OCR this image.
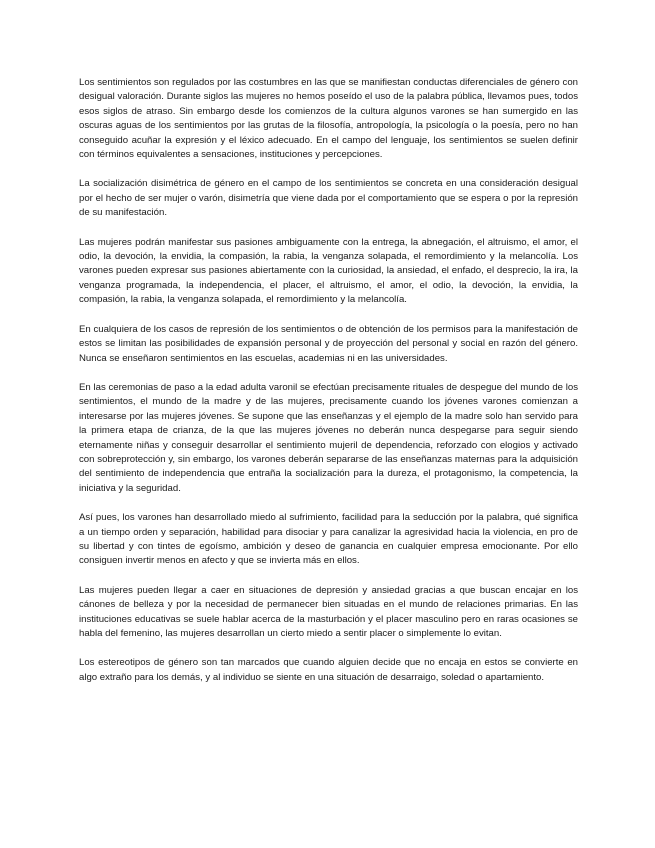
Los sentimientos son regulados por las costumbres en las que se manifiestan conductas diferenciales de género con desigual valoración. Durante siglos las mujeres no hemos poseído el uso de la palabra pública, llevamos pues, todos esos siglos de atraso. Sin embargo desde los comienzos de la cultura algunos varones se han sumergido en las oscuras aguas de los sentimientos por las grutas de la filosofía, antropología, la psicología o la poesía, pero no han conseguido acuñar la expresión y el léxico adecuado. En el campo del lenguaje, los sentimientos se suelen definir con términos equivalentes a sensaciones, instituciones y percepciones.

La socialización disimétrica de género en el campo de los sentimientos se concreta en una consideración desigual por el hecho de ser mujer o varón, disimetría que viene dada por el comportamiento que se espera o por la represión de su manifestación.

Las mujeres podrán manifestar sus pasiones ambiguamente con la entrega, la abnegación, el altruismo, el amor, el odio, la devoción, la envidia, la compasión, la rabia, la venganza solapada, el remordimiento y la melancolía. Los varones pueden expresar sus pasiones abiertamente con la curiosidad, la ansiedad, el enfado, el desprecio, la ira, la venganza programada, la independencia, el placer, el altruismo, el amor, el odio, la devoción, la envidia, la compasión, la rabia, la venganza solapada, el remordimiento y la melancolía.

En cualquiera de los casos de represión de los sentimientos o de obtención de los permisos para la manifestación de estos se limitan las posibilidades de expansión personal y de proyección del personal y social en razón del género. Nunca se enseñaron sentimientos en las escuelas, academias ni en las universidades.

En las ceremonias de paso a la edad adulta varonil se efectúan precisamente rituales de despegue del mundo de los sentimientos, el mundo de la madre y de las mujeres, precisamente cuando los jóvenes varones comienzan a interesarse por las mujeres jóvenes. Se supone que las enseñanzas y el ejemplo de la madre solo han servido para la primera etapa de crianza, de la que las mujeres jóvenes no deberán nunca despegarse para seguir siendo eternamente niñas y conseguir desarrollar el sentimiento mujeril de dependencia, reforzado con elogios y activado con sobreprotección y, sin embargo, los varones deberán separarse de las enseñanzas maternas para la adquisición del sentimiento de independencia que entraña la socialización para la dureza, el protagonismo, la competencia, la iniciativa y la seguridad.

Así pues, los varones han desarrollado miedo al sufrimiento, facilidad para la seducción por la palabra, qué significa a un tiempo orden y separación, habilidad para disociar y para canalizar la agresividad hacia la violencia, en pro de su libertad y con tintes de egoísmo, ambición y deseo de ganancia en cualquier empresa emocionante. Por ello consiguen invertir menos en afecto y que se invierta más en ellos.

Las mujeres pueden llegar a caer en situaciones de depresión y ansiedad gracias a que buscan encajar en los cánones de belleza y por la necesidad de permanecer bien situadas en el mundo de relaciones primarias. En las instituciones educativas se suele hablar acerca de la masturbación y el placer masculino pero en raras ocasiones se habla del femenino, las mujeres desarrollan un cierto miedo a sentir placer o simplemente lo evitan.

Los estereotipos de género son tan marcados que cuando alguien decide que no encaja en estos se convierte en algo extraño para los demás, y al individuo se siente en una situación de desarraigo, soledad o apartamiento.
